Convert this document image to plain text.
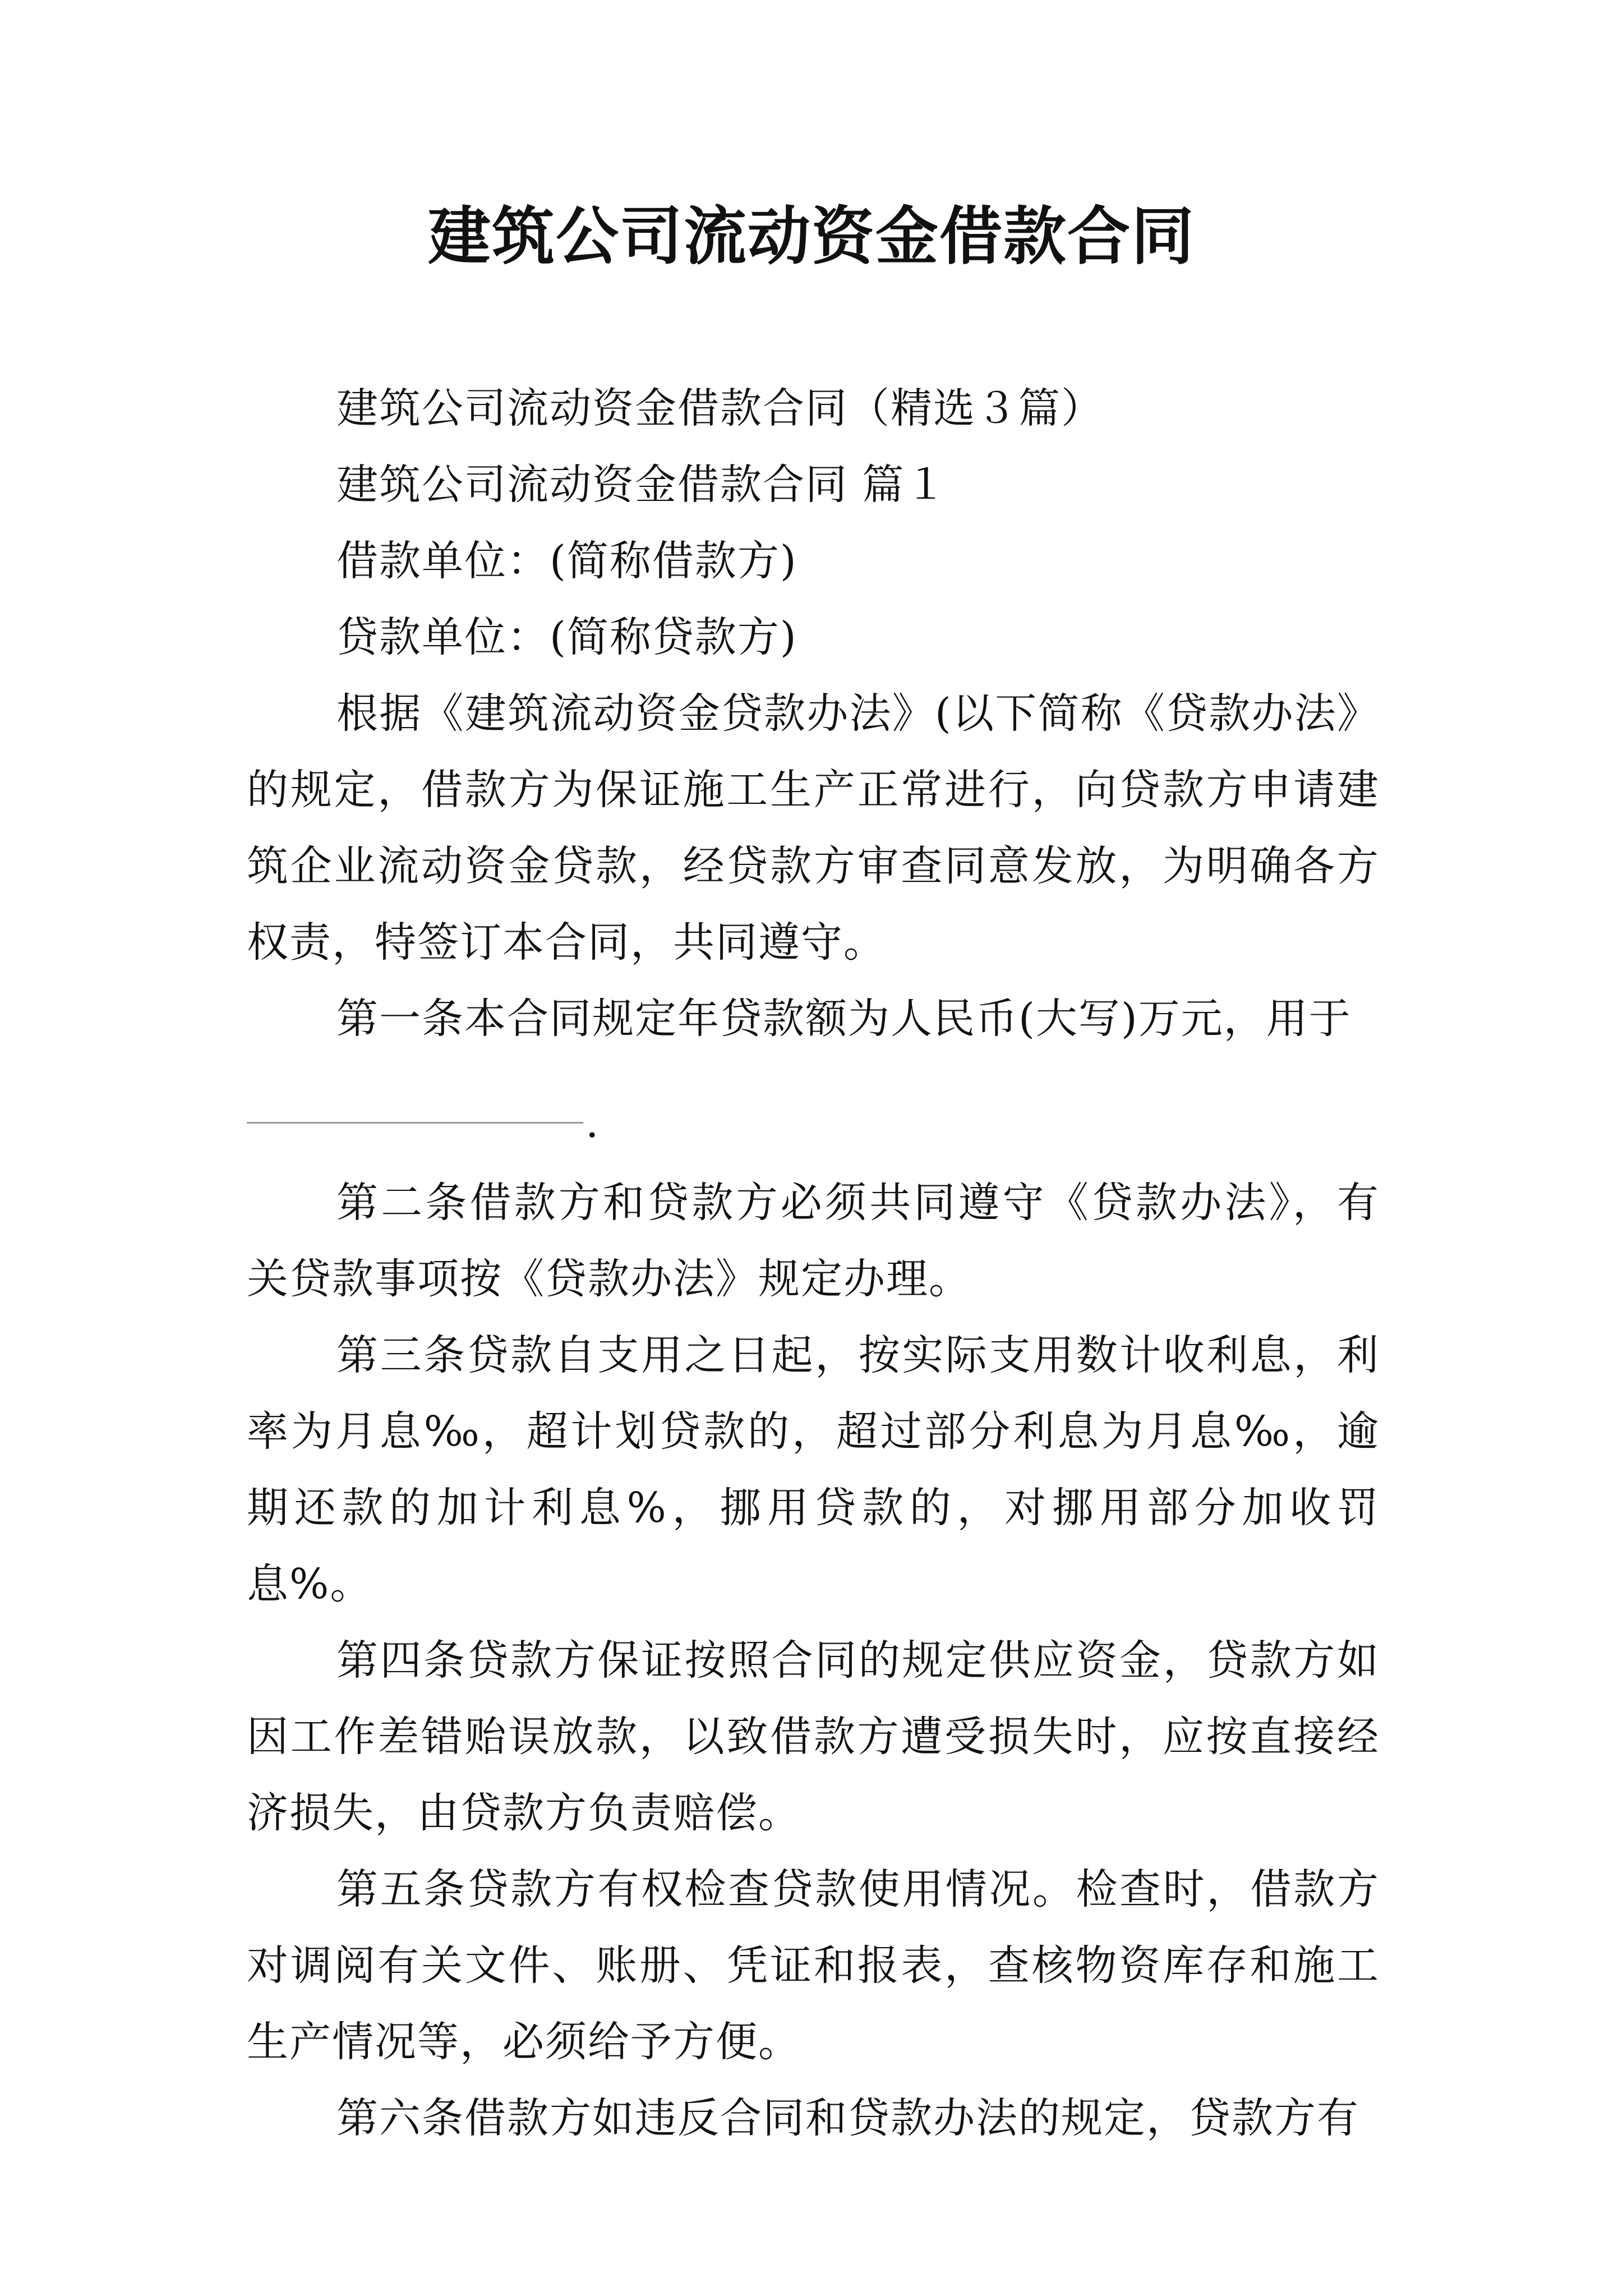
建筑公司流动资金借款合同

建筑公司流动资金借款合同（精选３篇）

建筑公司流动资金借款合同 篇１

借款单位：(简称借款方)

贷款单位：(简称贷款方)

根据《建筑流动资金贷款办法》(以下简称《贷款办法》的规定，借款方为保证施工生产正常进行，向贷款方申请建筑企业流动资金贷款，经贷款方审查同意发放，为明确各方权责，特签订本合同，共同遵守。

第一条本合同规定年贷款额为人民币(大写)万元，用于

.

第二条借款方和贷款方必须共同遵守《贷款办法》，有关贷款事项按《贷款办法》规定办理。

第三条贷款自支用之日起，按实际支用数计收利息，利率为月息‰，超计划贷款的，超过部分利息为月息‰，逾期还款的加计利息%，挪用贷款的，对挪用部分加收罚息%。

第四条贷款方保证按照合同的规定供应资金，贷款方如因工作差错贻误放款，以致借款方遭受损失时，应按直接经济损失，由贷款方负责赔偿。

第五条贷款方有权检查贷款使用情况。检查时，借款方对调阅有关文件、账册、凭证和报表，查核物资库存和施工生产情况等，必须给予方便。

第六条借款方如违反合同和贷款办法的规定，贷款方有
